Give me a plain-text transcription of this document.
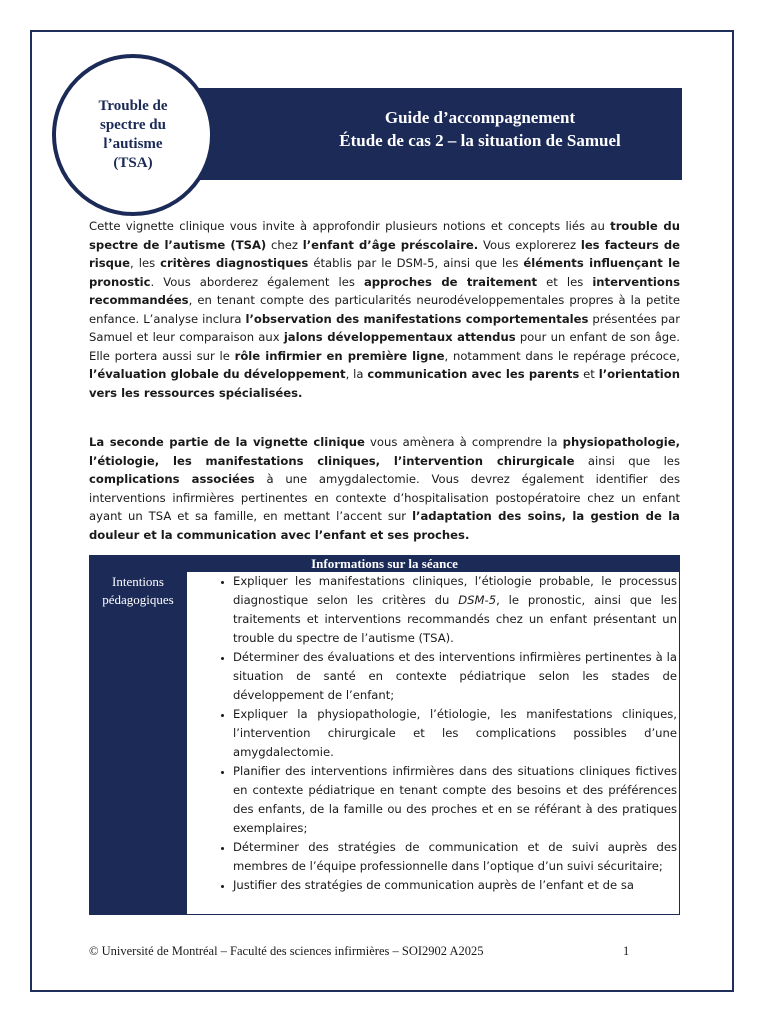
Guide d’accompagnement
Étude de cas 2 – la situation de Samuel
Trouble de
spectre du
l’autisme
(TSA)

Cette vignette clinique vous invite à approfondir plusieurs notions et concepts liés au trouble du spectre de l’autisme (TSA) chez l’enfant d’âge préscolaire. Vous explorerez les facteurs de risque, les critères diagnostiques établis par le DSM-5, ainsi que les éléments influençant le pronostic. Vous aborderez également les approches de traitement et les interventions recommandées, en tenant compte des particularités neurodéveloppementales propres à la petite enfance. L’analyse inclura l’observation des manifestations comportementales présentées par Samuel et leur comparaison aux jalons développementaux attendus pour un enfant de son âge. Elle portera aussi sur le rôle infirmier en première ligne, notamment dans le repérage précoce, l’évaluation globale du développement, la communication avec les parents et l’orientation vers les ressources spécialisées.

La seconde partie de la vignette clinique vous amènera à comprendre la physiopathologie, l’étiologie, les manifestations cliniques, l’intervention chirurgicale ainsi que les complications associées à une amygdalectomie. Vous devrez également identifier des interventions infirmières pertinentes en contexte d’hospitalisation postopératoire chez un enfant ayant un TSA et sa famille, en mettant l’accent sur l’adaptation des soins, la gestion de la douleur et la communication avec l’enfant et ses proches.

Informations sur la séance
Intentions
pédagogiques
• Expliquer les manifestations cliniques, l’étiologie probable, le processus diagnostique selon les critères du DSM-5, le pronostic, ainsi que les traitements et interventions recommandés chez un enfant présentant un trouble du spectre de l’autisme (TSA).
• Déterminer des évaluations et des interventions infirmières pertinentes à la situation de santé en contexte pédiatrique selon les stades de développement de l’enfant;
• Expliquer la physiopathologie, l’étiologie, les manifestations cliniques, l’intervention chirurgicale et les complications possibles d’une amygdalectomie.
• Planifier des interventions infirmières dans des situations cliniques fictives en contexte pédiatrique en tenant compte des besoins et des préférences des enfants, de la famille ou des proches et en se référant à des pratiques exemplaires;
• Déterminer des stratégies de communication et de suivi auprès des membres de l’équipe professionnelle dans l’optique d’un suivi sécuritaire;
• Justifier des stratégies de communication auprès de l’enfant et de sa
© Université de Montréal – Faculté des sciences infirmières – SOI2902 A2025	1
